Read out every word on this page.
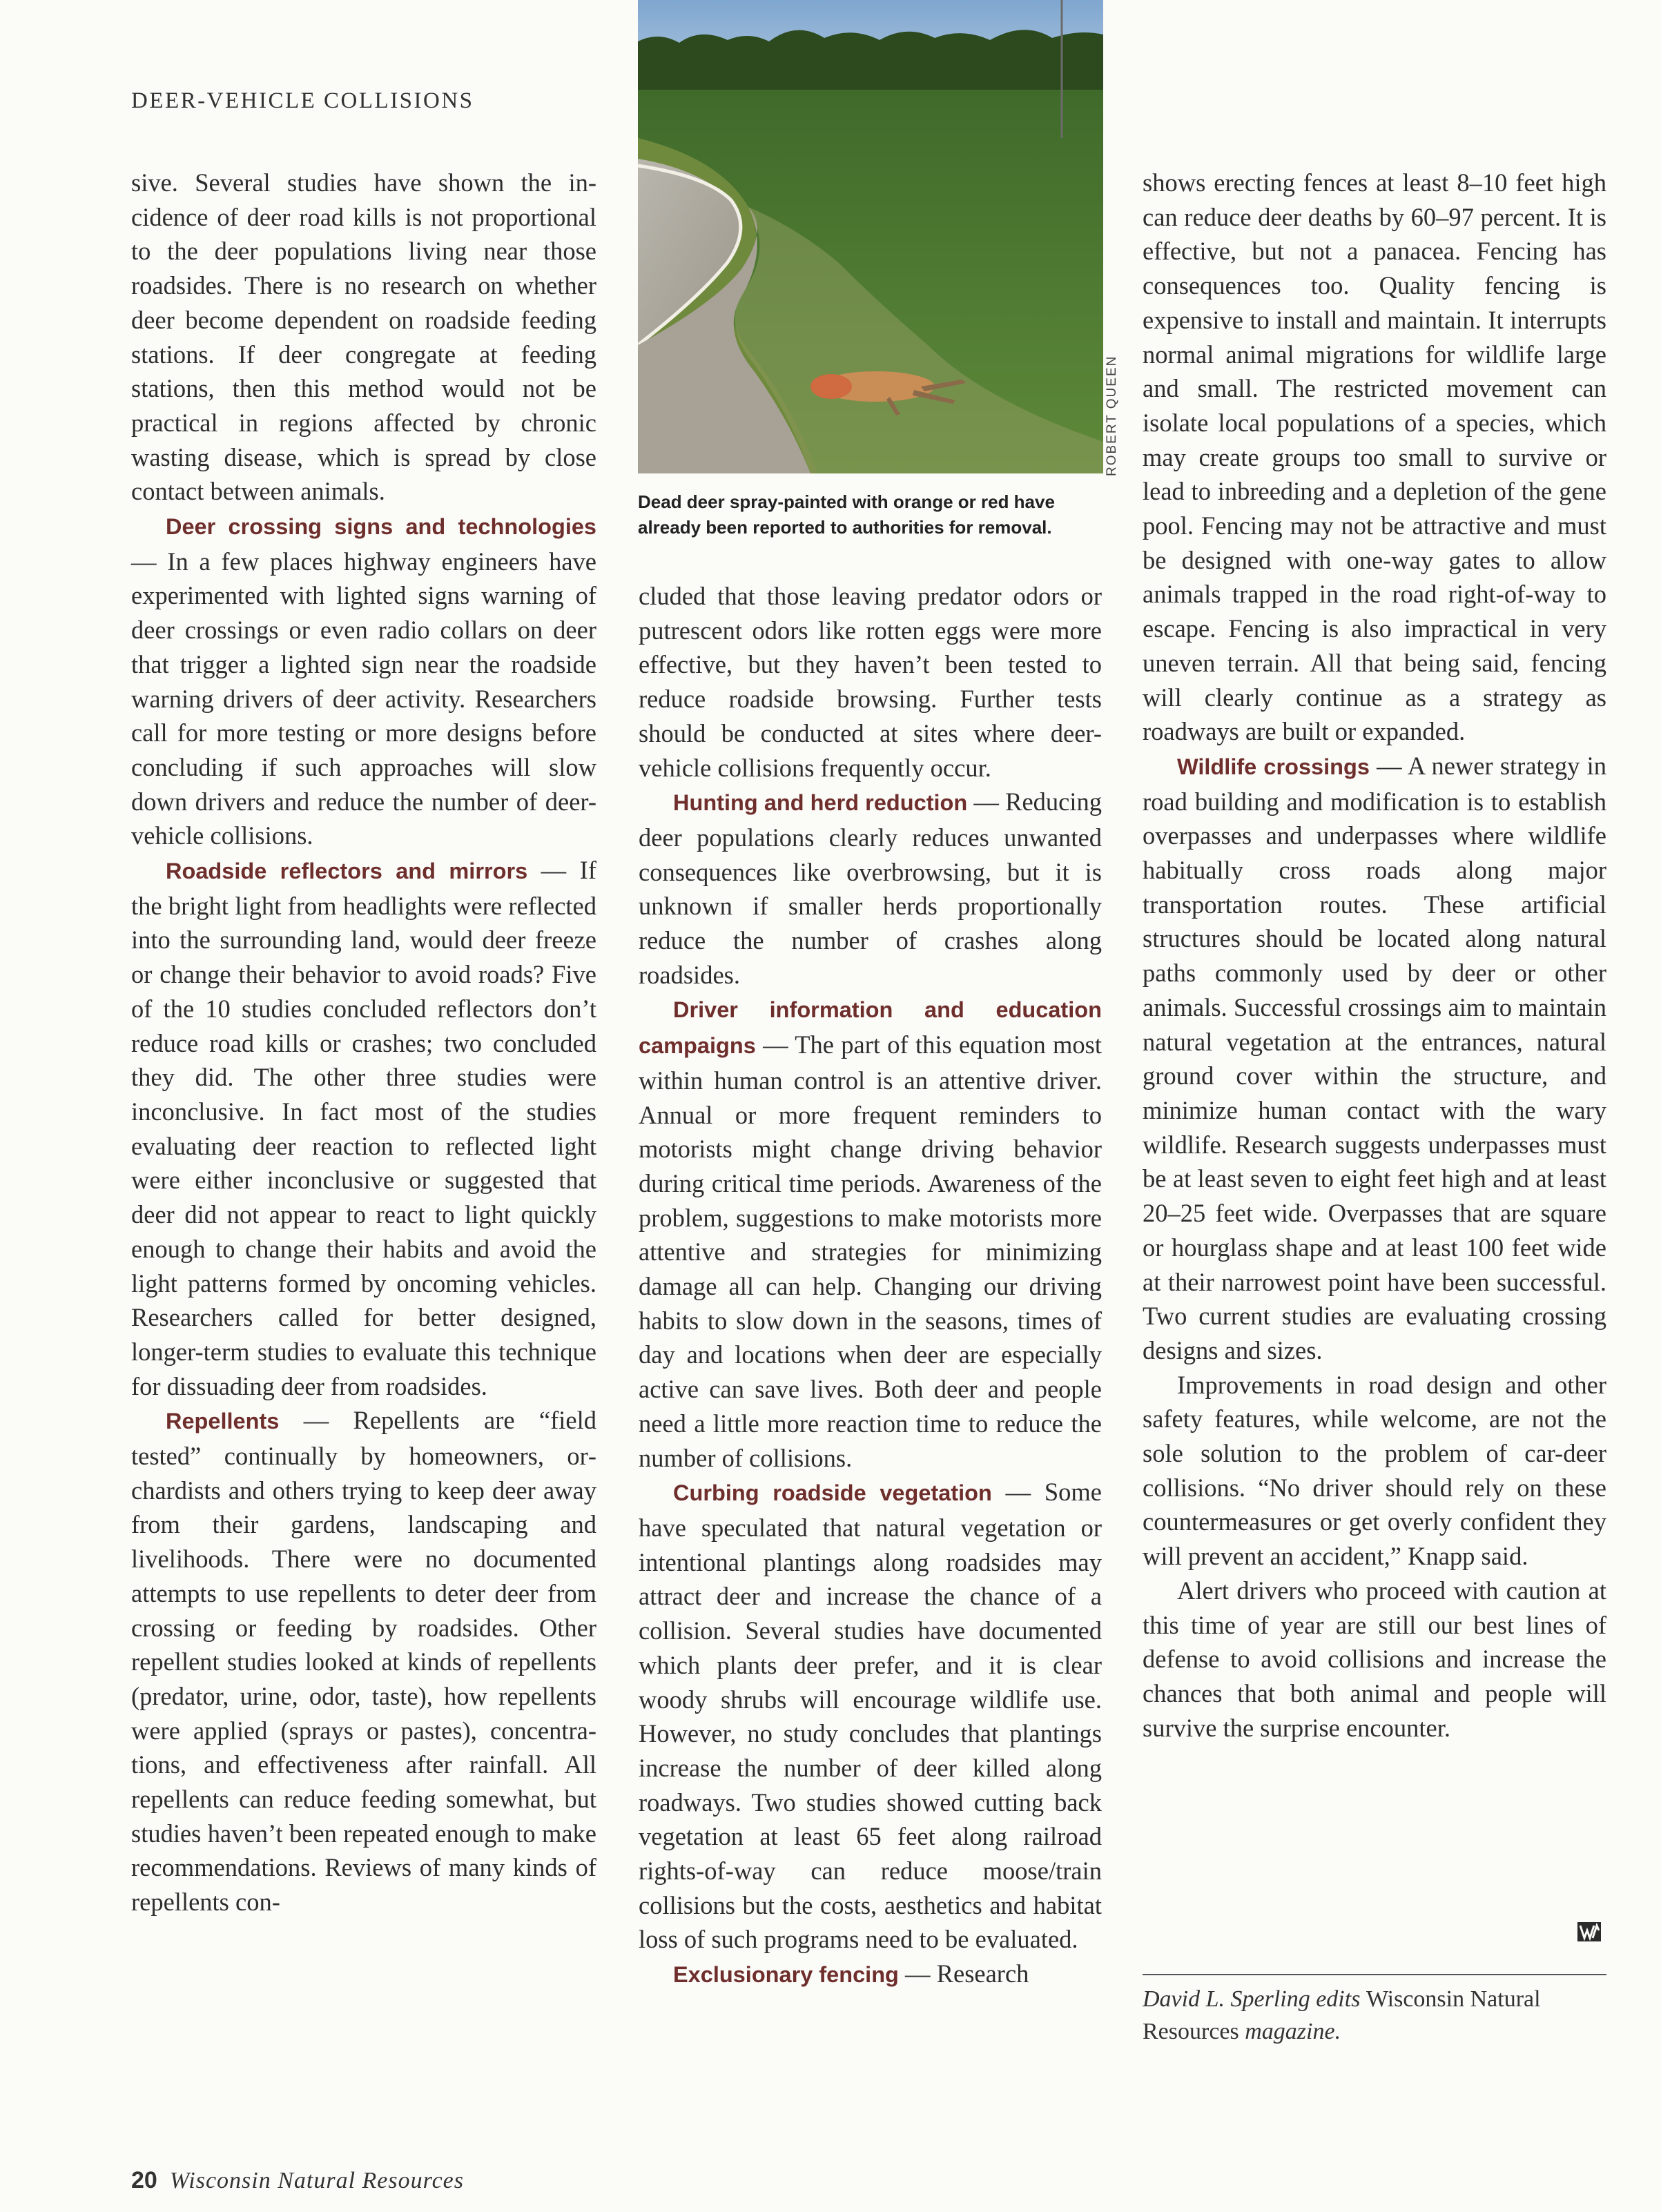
DEER-VEHICLE COLLISIONS
ROBERT QUEEN
Dead deer spray-painted with orange or red have already been reported to authorities for removal.

sive. Several studies have shown the incidence of deer road kills is not proportional to the deer populations living near those roadsides. There is no research on whether deer become dependent on roadside feeding stations. If deer congregate at feeding stations, then this method would not be practical in regions affected by chronic wasting disease, which is spread by close contact between animals.

Deer crossing signs and technologies — In a few places highway engineers have experimented with lighted signs warning of deer crossings or even radio collars on deer that trigger a lighted sign near the roadside warning drivers of deer activity. Researchers call for more testing or more designs before concluding if such approaches will slow down drivers and reduce the number of deer-vehicle collisions.

Roadside reflectors and mirrors — If the bright light from headlights were reflected into the surrounding land, would deer freeze or change their behavior to avoid roads? Five of the 10 studies concluded reflectors don’t reduce road kills or crashes; two concluded they did. The other three studies were inconclusive. In fact most of the studies evaluating deer reaction to reflected light were either inconclusive or suggested that deer did not appear to react to light quickly enough to change their habits and avoid the light patterns formed by oncoming vehicles. Researchers called for better designed, longer-term studies to evaluate this technique for dissuading deer from roadsides.

Repellents — Repellents are “field tested” continually by homeowners, orchardists and others trying to keep deer away from their gardens, landscaping and livelihoods. There were no documented attempts to use repellents to deter deer from crossing or feeding by roadsides. Other repellent studies looked at kinds of repellents (predator, urine, odor, taste), how repellents were applied (sprays or pastes), concentrations, and effectiveness after rainfall. All repellents can reduce feeding somewhat, but studies haven’t been repeated enough to make recommendations. Reviews of many kinds of repellents con-

cluded that those leaving predator odors or putrescent odors like rotten eggs were more effective, but they haven’t been tested to reduce roadside browsing. Further tests should be conducted at sites where deer-vehicle collisions frequently occur.

Hunting and herd reduction — Reducing deer populations clearly reduces unwanted consequences like overbrowsing, but it is unknown if smaller herds proportionally reduce the number of crashes along roadsides.

Driver information and education campaigns — The part of this equation most within human control is an attentive driver. Annual or more frequent reminders to motorists might change driving behavior during critical time periods. Awareness of the problem, suggestions to make motorists more attentive and strategies for minimizing damage all can help. Changing our driving habits to slow down in the seasons, times of day and locations when deer are especially active can save lives. Both deer and people need a little more reaction time to reduce the number of collisions.

Curbing roadside vegetation — Some have speculated that natural vegetation or intentional plantings along roadsides may attract deer and increase the chance of a collision. Several studies have documented which plants deer prefer, and it is clear woody shrubs will encourage wildlife use. However, no study concludes that plantings increase the number of deer killed along roadways. Two studies showed cutting back vegetation at least 65 feet along railroad rights-of-way can reduce moose/train collisions but the costs, aesthetics and habitat loss of such programs need to be evaluated.

Exclusionary fencing — Research

shows erecting fences at least 8–10 feet high can reduce deer deaths by 60–97 percent. It is effective, but not a panacea. Fencing has consequences too. Quality fencing is expensive to install and maintain. It interrupts normal animal migrations for wildlife large and small. The restricted movement can isolate local populations of a species, which may create groups too small to survive or lead to inbreeding and a depletion of the gene pool. Fencing may not be attractive and must be designed with one-way gates to allow animals trapped in the road right-of-way to escape. Fencing is also impractical in very uneven terrain. All that being said, fencing will clearly continue as a strategy as roadways are built or expanded.

Wildlife crossings — A newer strategy in road building and modification is to establish overpasses and underpasses where wildlife habitually cross roads along major transportation routes. These artificial structures should be located along natural paths commonly used by deer or other animals. Successful crossings aim to maintain natural vegetation at the entrances, natural ground cover within the structure, and minimize human contact with the wary wildlife. Research suggests underpasses must be at least seven to eight feet high and at least 20–25 feet wide. Overpasses that are square or hourglass shape and at least 100 feet wide at their narrowest point have been successful. Two current studies are evaluating crossing designs and sizes.

Improvements in road design and other safety features, while welcome, are not the sole solution to the problem of car-deer collisions. “No driver should rely on these countermeasures or get overly confident they will prevent an accident,” Knapp said.

Alert drivers who proceed with caution at this time of year are still our best lines of defense to avoid collisions and increase the chances that both animal and people will survive the surprise encounter.

David L. Sperling edits Wisconsin Natural Resources magazine.
20 Wisconsin Natural Resources
